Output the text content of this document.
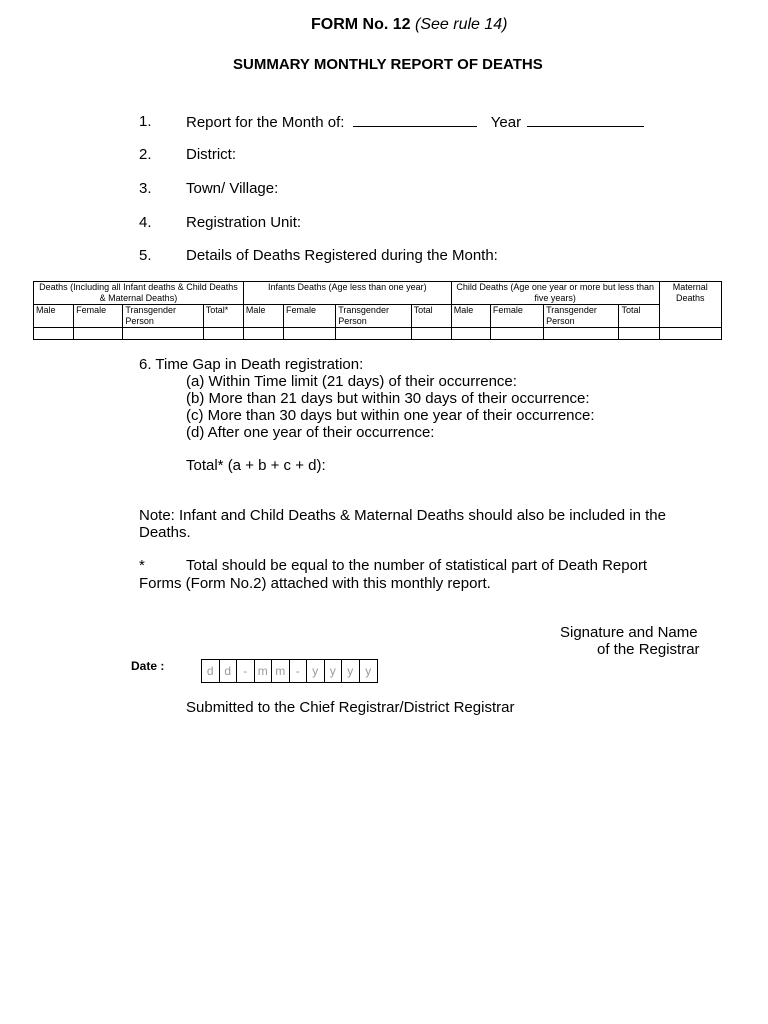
FORM No. 12 (See rule 14)
SUMMARY MONTHLY REPORT OF DEATHS
1. Report for the Month of:	Year
2. District:
3. Town/ Village:
4. Registration Unit:
5. Details of Deaths Registered during the Month:
Deaths (Including all Infant deaths & Child Deaths & Maternal Deaths)				Infants Deaths (Age less than one year)				Child Deaths (Age one year or more but less than five years)				Maternal Deaths
Male	Female	Transgender Person	Total*	Male	Female	Transgender Person	Total	Male	Female	Transgender Person	Total	

6. Time Gap in Death registration:
(a) Within Time limit (21 days) of their occurrence:
(b) More than 21 days but within 30 days of their occurrence:
(c) More than 30 days but within one year of their occurrence:
(d) After one year of their occurrence:
Total* (a + b + c + d):
Note: Infant and Child Deaths & Maternal Deaths should also be included in the
Deaths.
*	Total should be equal to the number of statistical part of Death Report
Forms (Form No.2) attached with this monthly report.
Signature and Name
of the Registrar
Date :	d d	- m m -	y y y	y
Submitted to the Chief Registrar/District Registrar
